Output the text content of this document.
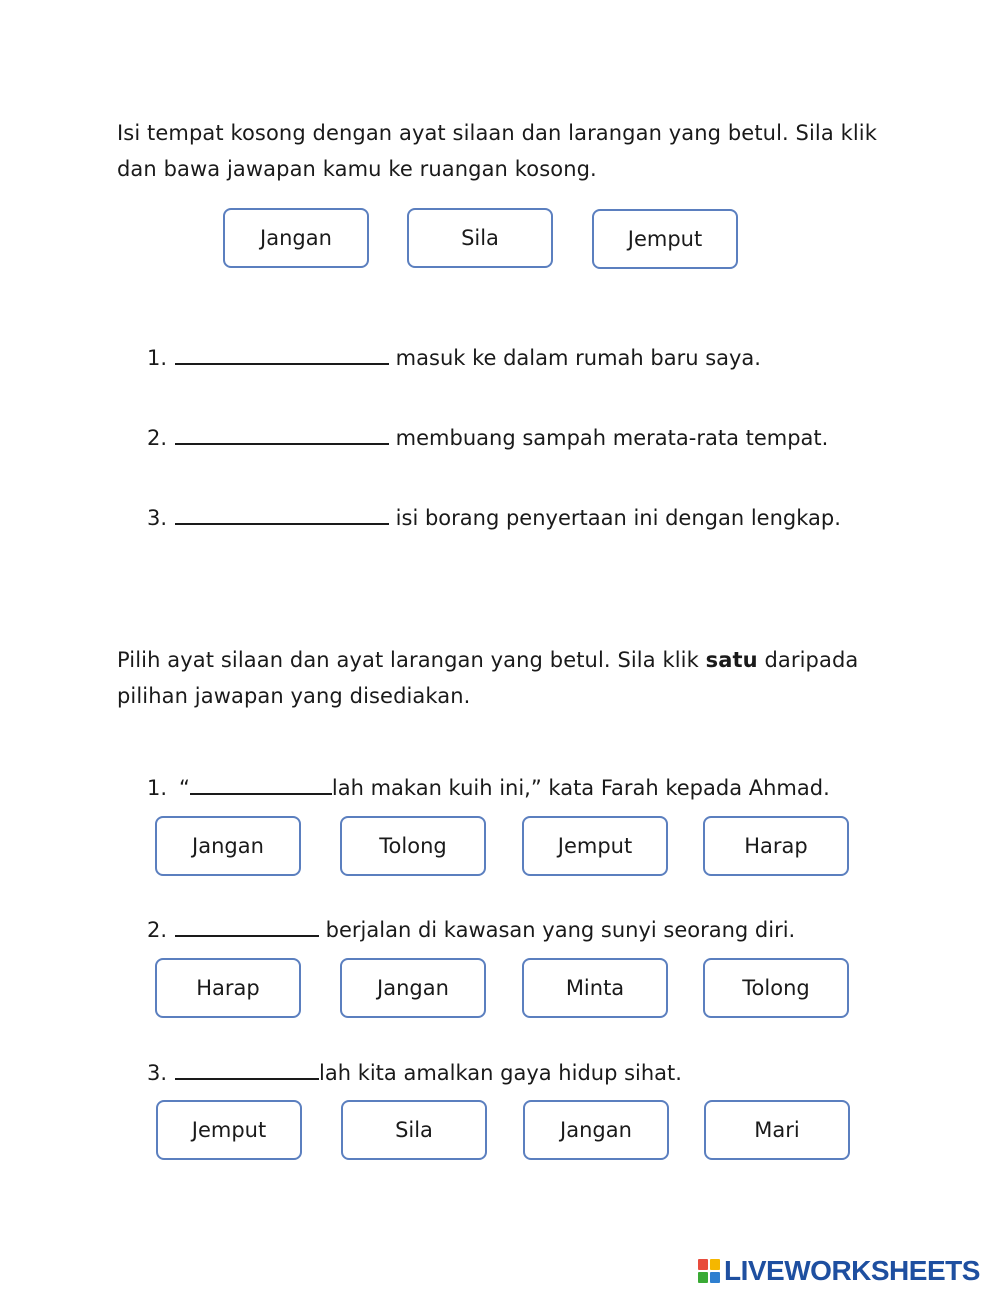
Isi tempat kosong dengan ayat silaan dan larangan yang betul. Sila klik dan bawa jawapan kamu ke ruangan kosong.
Jangan	Sila	Jemput
1.	masuk ke dalam rumah baru saya.
2.	membuang sampah merata-rata tempat.
3.	isi borang penyertaan ini dengan lengkap.
Pilih ayat silaan dan ayat larangan yang betul. Sila klik satu daripada pilihan jawapan yang disediakan.
1. “	lah makan kuih ini,” kata Farah kepada Ahmad.
Jangan	Tolong	Jemput	Harap
2.	berjalan di kawasan yang sunyi seorang diri.
Harap	Jangan	Minta	Tolong
3.	lah kita amalkan gaya hidup sihat.
Jemput	Sila	Jangan	Mari
LIVEWORKSHEETS
